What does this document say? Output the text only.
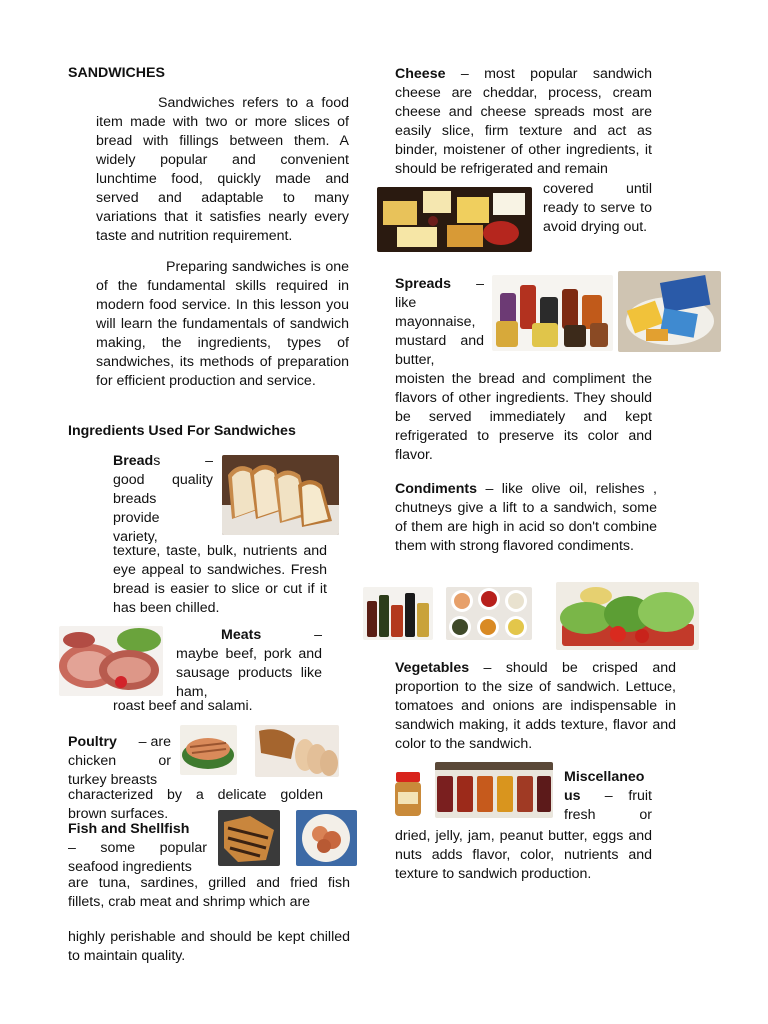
SANDWICHES
Sandwiches refers to a food item made with two or more slices of bread with fillings between them. A widely popular and convenient lunchtime food, quickly made and served and adaptable to many variations that it satisfies nearly every taste and nutrition requirement.
Preparing sandwiches is one of the fundamental skills required in modern food service. In this lesson you will learn the fundamentals of sandwich making, the ingredients, types of sandwiches, its methods of preparation for efficient production and service.
Ingredients Used For Sandwiches
Breads	–
good quality
breads
provide
variety,
texture, taste, bulk, nutrients and eye appeal to sandwiches. Fresh bread is easier to slice or cut if it has been chilled.
Meats	–
maybe beef, pork and sausage products like ham,
roast beef and salami.
Poultry – are
chicken	or
turkey breasts
characterized by a delicate golden brown surfaces.
Fish and Shellfish
– some popular
seafood ingredients
are tuna, sardines, grilled and fried fish fillets, crab meat and shrimp which are
highly perishable and should be kept chilled to maintain quality.
Cheese – most popular sandwich cheese are cheddar, process, cream cheese and cheese spreads most are easily slice, firm texture and act as binder, moistener of other ingredients, it should be refrigerated and remain
covered until ready to serve to avoid drying out.
Spreads –
like
mayonnaise,
mustard and
butter,
moisten the bread and compliment the flavors of other ingredients. They should be served immediately and kept refrigerated to preserve its color and flavor.
Condiments – like olive oil, relishes , chutneys give a lift to a sandwich, some of them are high in acid so don't combine them with strong flavored condiments.
Vegetables – should be crisped and proportion to the size of sandwich. Lettuce, tomatoes and onions are indispensable in sandwich making, it adds texture, flavor and color to the sandwich.
Miscellaneo
us –    fruit
fresh	or
dried, jelly, jam, peanut butter, eggs and nuts adds flavor, color, nutrients and texture to sandwich production.
